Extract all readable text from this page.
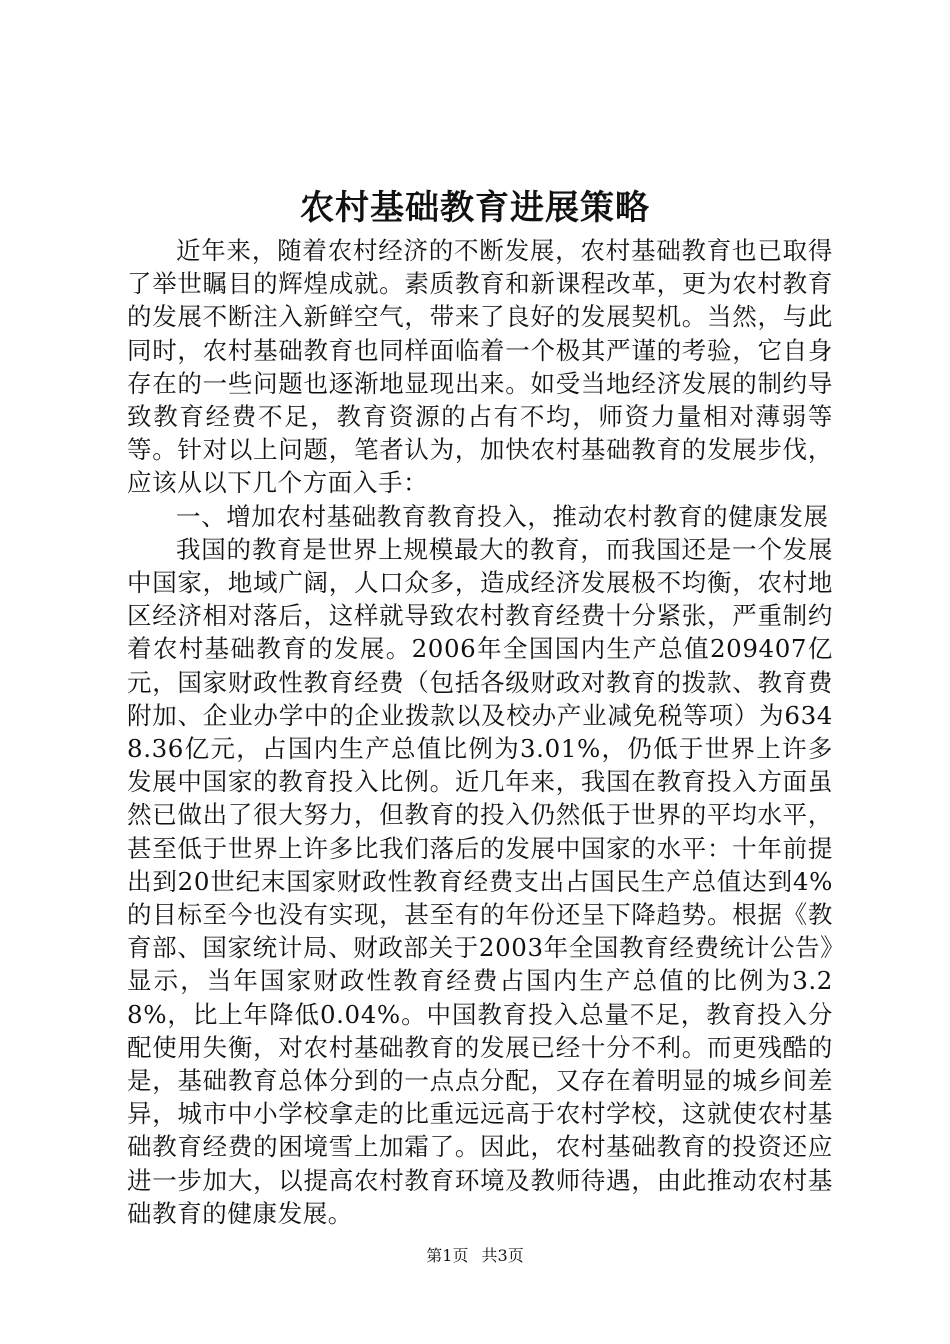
农村基础教育进展策略

近年来，随着农村经济的不断发展，农村基础教育也已取得了举世瞩目的辉煌成就。素质教育和新课程改革，更为农村教育的发展不断注入新鲜空气，带来了良好的发展契机。当然，与此同时，农村基础教育也同样面临着一个极其严谨的考验，它自身存在的一些问题也逐渐地显现出来。如受当地经济发展的制约导致教育经费不足，教育资源的占有不均，师资力量相对薄弱等等。针对以上问题，笔者认为，加快农村基础教育的发展步伐，应该从以下几个方面入手：

一、增加农村基础教育教育投入，推动农村教育的健康发展

我国的教育是世界上规模最大的教育，而我国还是一个发展中国家，地域广阔，人口众多，造成经济发展极不均衡，农村地区经济相对落后，这样就导致农村教育经费十分紧张，严重制约着农村基础教育的发展。2006年全国国内生产总值209407亿元，国家财政性教育经费（包括各级财政对教育的拨款、教育费附加、企业办学中的企业拨款以及校办产业减免税等项）为6348.36亿元，占国内生产总值比例为3.01%，仍低于世界上许多发展中国家的教育投入比例。近几年来，我国在教育投入方面虽然已做出了很大努力，但教育的投入仍然低于世界的平均水平，甚至低于世界上许多比我们落后的发展中国家的水平：十年前提出到20世纪末国家财政性教育经费支出占国民生产总值达到4%的目标至今也没有实现，甚至有的年份还呈下降趋势。根据《教育部、国家统计局、财政部关于2003年全国教育经费统计公告》显示，当年国家财政性教育经费占国内生产总值的比例为3.28%，比上年降低0.04%。中国教育投入总量不足，教育投入分配使用失衡，对农村基础教育的发展已经十分不利。而更残酷的是，基础教育总体分到的一点点分配，又存在着明显的城乡间差异，城市中小学校拿走的比重远远高于农村学校，这就使农村基础教育经费的困境雪上加霜了。因此，农村基础教育的投资还应进一步加大，以提高农村教育环境及教师待遇，由此推动农村基础教育的健康发展。

第1页 共3页
